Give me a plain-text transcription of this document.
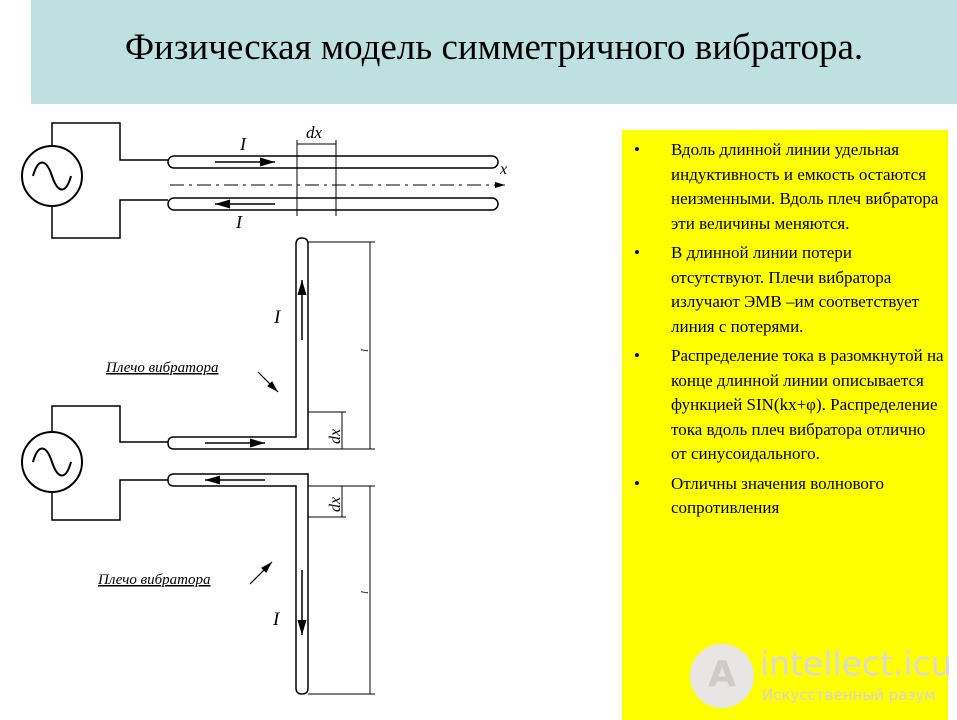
Физическая модель симметричного вибратора.
x
I
I
dx
I
I
dx
dx
l
l
Плечо вибратора
Плечо вибратора
• Вдоль длинной линии удельная индуктивность и емкость остаются неизменными. Вдоль плеч вибратора эти величины меняются.
• В длинной линии потери отсутствуют. Плечи вибратора излучают ЭМВ –им соответствует линия с потерями.
• Распределение тока в разомкнутой на конце длинной линии описывается функцией SIN(kx+φ). Распределение тока вдоль плеч вибратора отлично от синусоидального.
• Отличны значения волнового сопротивления
A intellect.icu
Искусственный разум
